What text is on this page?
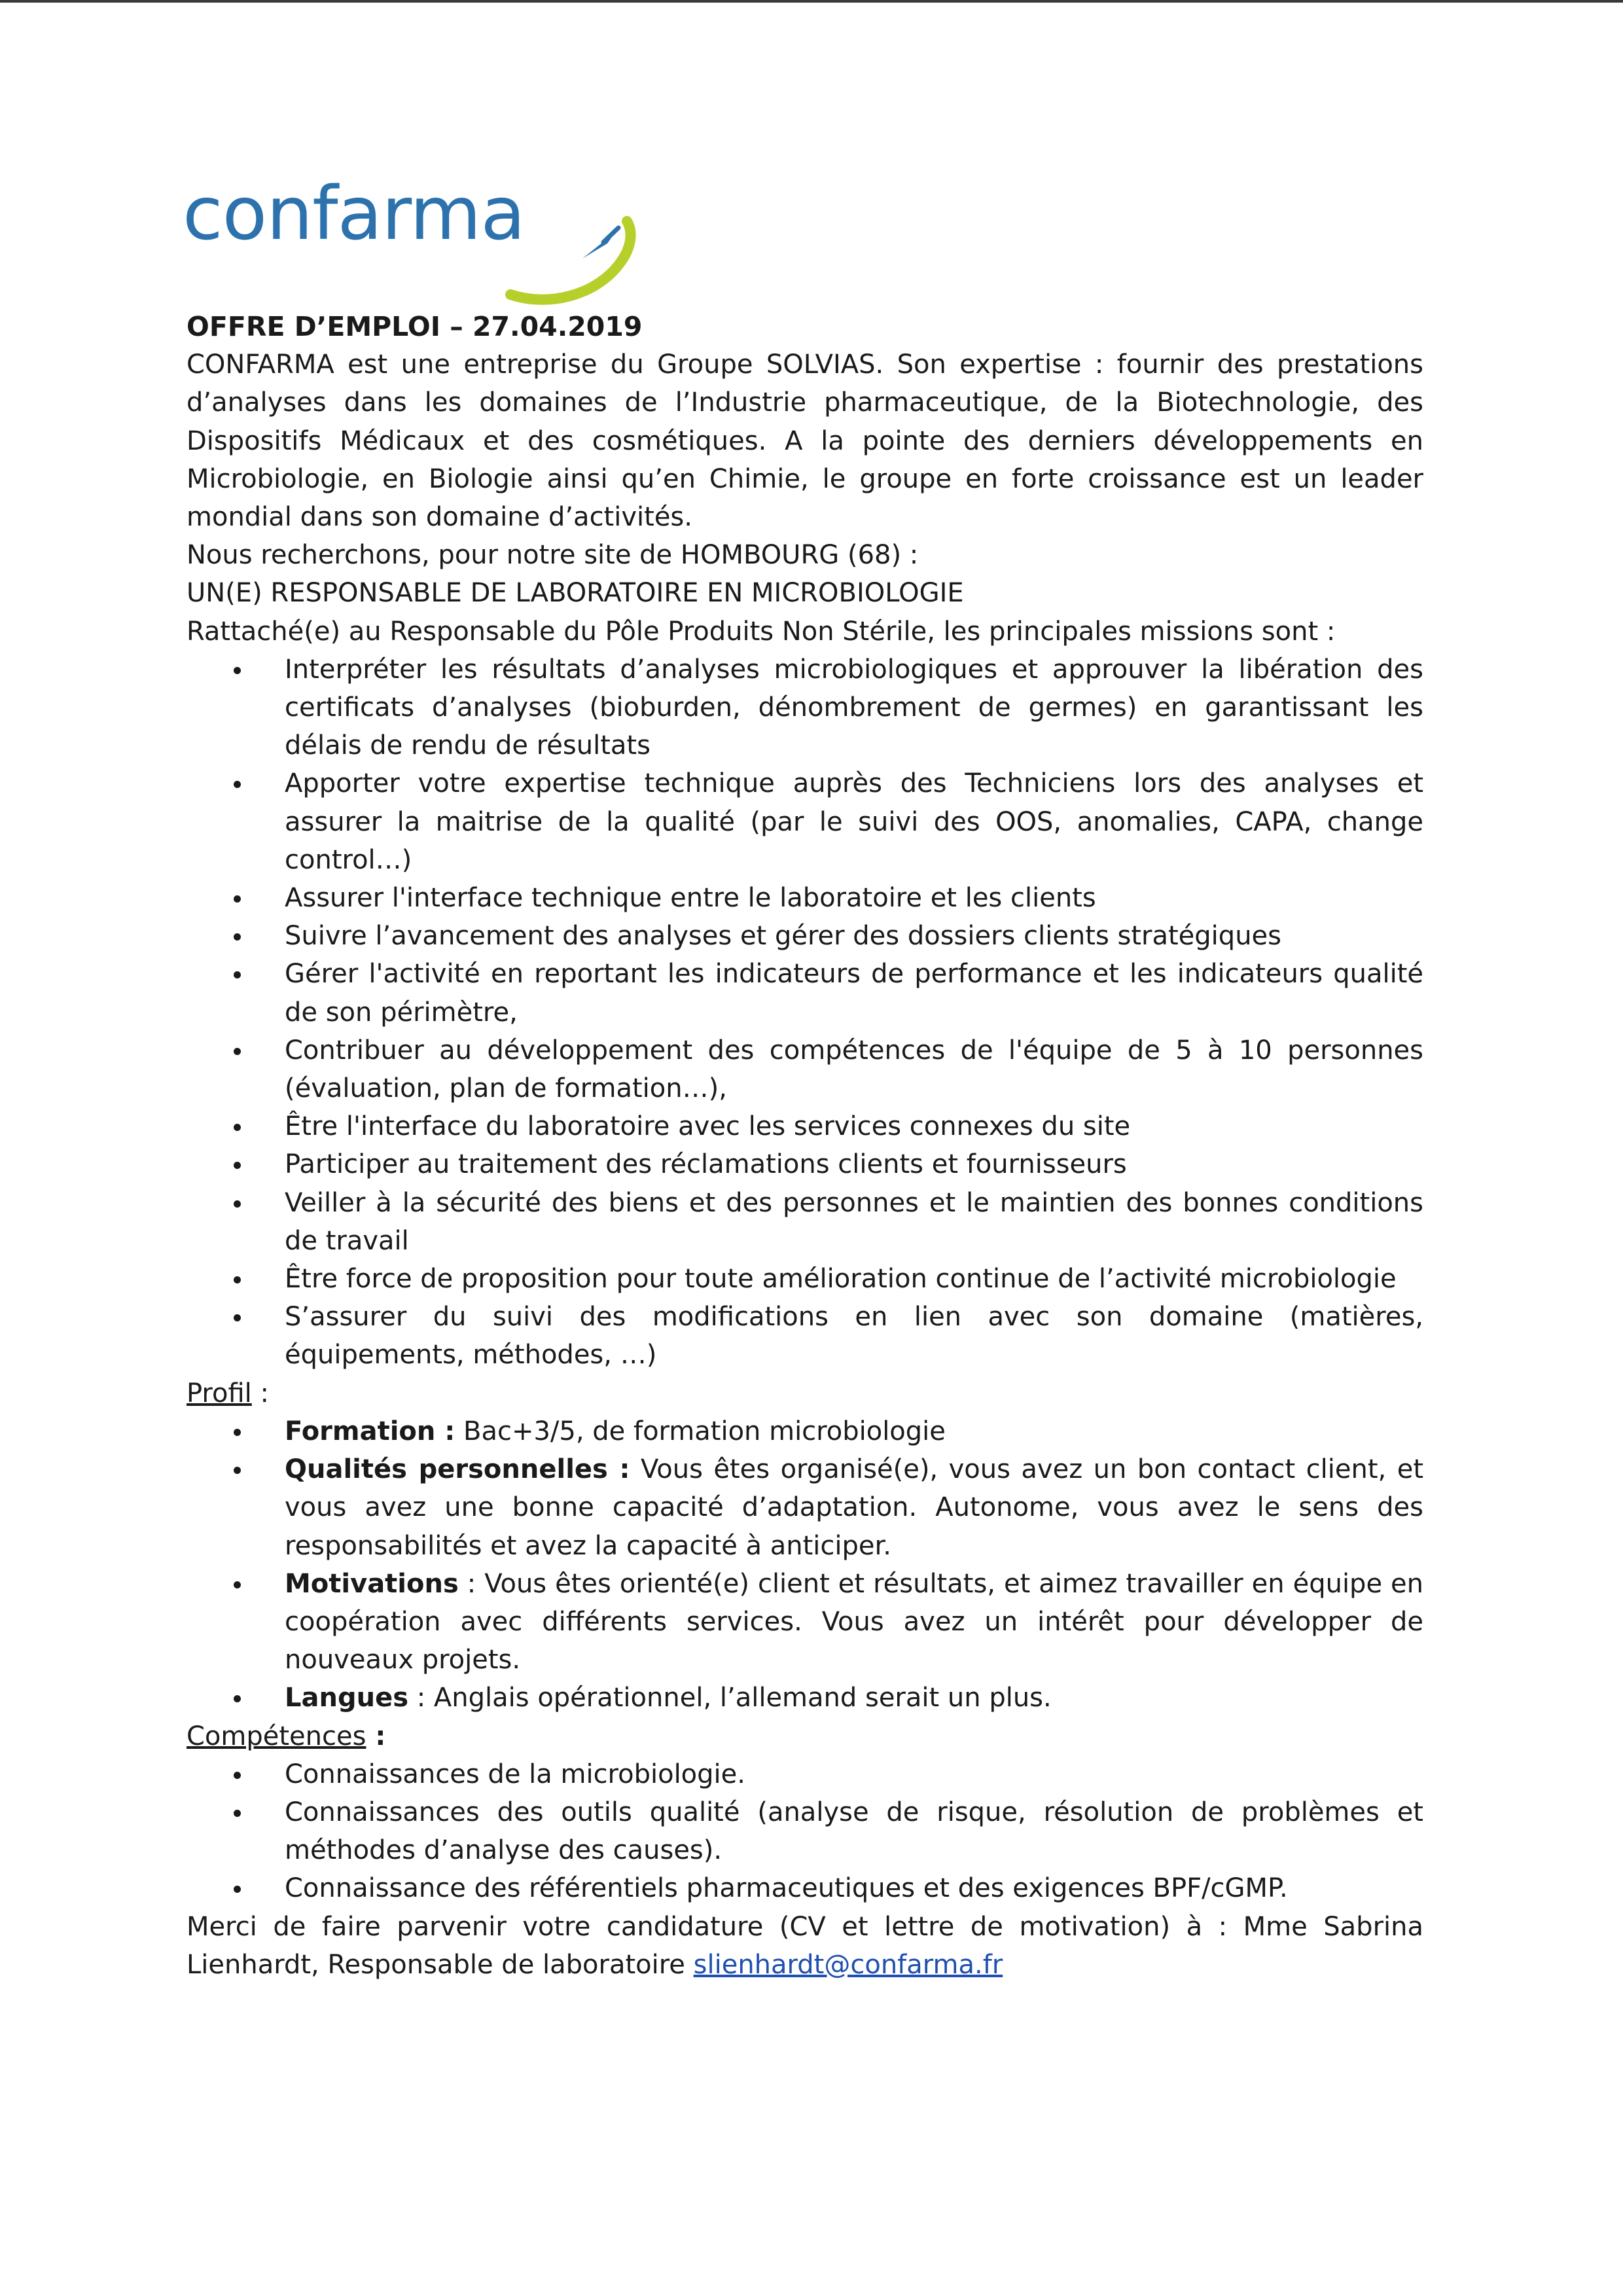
confarma

OFFRE D’EMPLOI – 27.04.2019

CONFARMA est une entreprise du Groupe SOLVIAS. Son expertise : fournir des prestations d’analyses dans les domaines de l’Industrie pharmaceutique, de la Biotechnologie, des Dispositifs Médicaux et des cosmétiques. A la pointe des derniers développements en Microbiologie, en Biologie ainsi qu’en Chimie, le groupe en forte croissance est un leader mondial dans son domaine d’activités.

Nous recherchons, pour notre site de HOMBOURG (68) :

UN(E) RESPONSABLE DE LABORATOIRE EN MICROBIOLOGIE

Rattaché(e) au Responsable du Pôle Produits Non Stérile, les principales missions sont :

Interpréter les résultats d’analyses microbiologiques et approuver la libération des certificats d’analyses (bioburden, dénombrement de germes) en garantissant les délais de rendu de résultats
Apporter votre expertise technique auprès des Techniciens lors des analyses et assurer la maitrise de la qualité (par le suivi des OOS, anomalies, CAPA, change control…)
Assurer l'interface technique entre le laboratoire et les clients
Suivre l’avancement des analyses et gérer des dossiers clients stratégiques
Gérer l'activité en reportant les indicateurs de performance et les indicateurs qualité de son périmètre,
Contribuer au développement des compétences de l'équipe de 5 à 10 personnes (évaluation, plan de formation…),
Être l'interface du laboratoire avec les services connexes du site
Participer au traitement des réclamations clients et fournisseurs
Veiller à la sécurité des biens et des personnes et le maintien des bonnes conditions de travail
Être force de proposition pour toute amélioration continue de l’activité microbiologie
S’assurer du suivi des modifications en lien avec son domaine (matières, équipements, méthodes, …)

Profil :

Formation : Bac+3/5, de formation microbiologie
Qualités personnelles : Vous êtes organisé(e), vous avez un bon contact client, et vous avez une bonne capacité d’adaptation. Autonome, vous avez le sens des responsabilités et avez la capacité à anticiper.
Motivations : Vous êtes orienté(e) client et résultats, et aimez travailler en équipe en coopération avec différents services. Vous avez un intérêt pour développer de nouveaux projets.
Langues : Anglais opérationnel, l’allemand serait un plus.

Compétences :

Connaissances de la microbiologie.
Connaissances des outils qualité (analyse de risque, résolution de problèmes et méthodes d’analyse des causes).
Connaissance des référentiels pharmaceutiques et des exigences BPF/cGMP.

Merci de faire parvenir votre candidature (CV et lettre de motivation) à : Mme Sabrina Lienhardt, Responsable de laboratoire slienhardt@confarma.fr
